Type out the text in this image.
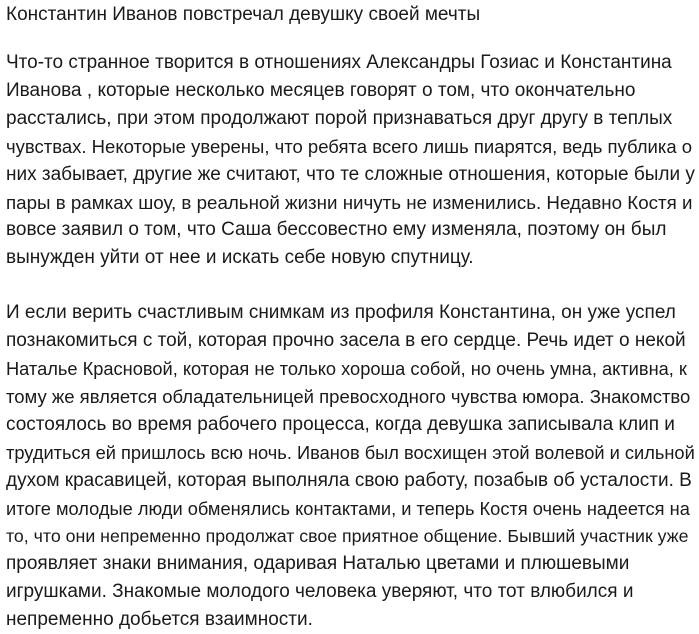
Константин Иванов повстречал девушку своей мечты
Что-то странное творится в отношениях Александры Гозиас и Константина
Иванова , которые несколько месяцев говорят о том, что окончательно
расстались, при этом продолжают порой признаваться друг другу в теплых
чувствах. Некоторые уверены, что ребята всего лишь пиарятся, ведь публика о
них забывает, другие же считают, что те сложные отношения, которые были у
пары в рамках шоу, в реальной жизни ничуть не изменились. Недавно Костя и
вовсе заявил о том, что Саша бессовестно ему изменяла, поэтому он был
вынужден уйти от нее и искать себе новую спутницу.
И если верить счастливым снимкам из профиля Константина, он уже успел
познакомиться с той, которая прочно засела в его сердце. Речь идет о некой
Наталье Красновой, которая не только хороша собой, но очень умна, активна, к
тому же является обладательницей превосходного чувства юмора. Знакомство
состоялось во время рабочего процесса, когда девушка записывала клип и
трудиться ей пришлось всю ночь. Иванов был восхищен этой волевой и сильной
духом красавицей, которая выполняла свою работу, позабыв об усталости. В
итоге молодые люди обменялись контактами, и теперь Костя очень надеется на
то, что они непременно продолжат свое приятное общение. Бывший участник уже
проявляет знаки внимания, одаривая Наталью цветами и плюшевыми
игрушками. Знакомые молодого человека уверяют, что тот влюбился и
непременно добьется взаимности.
